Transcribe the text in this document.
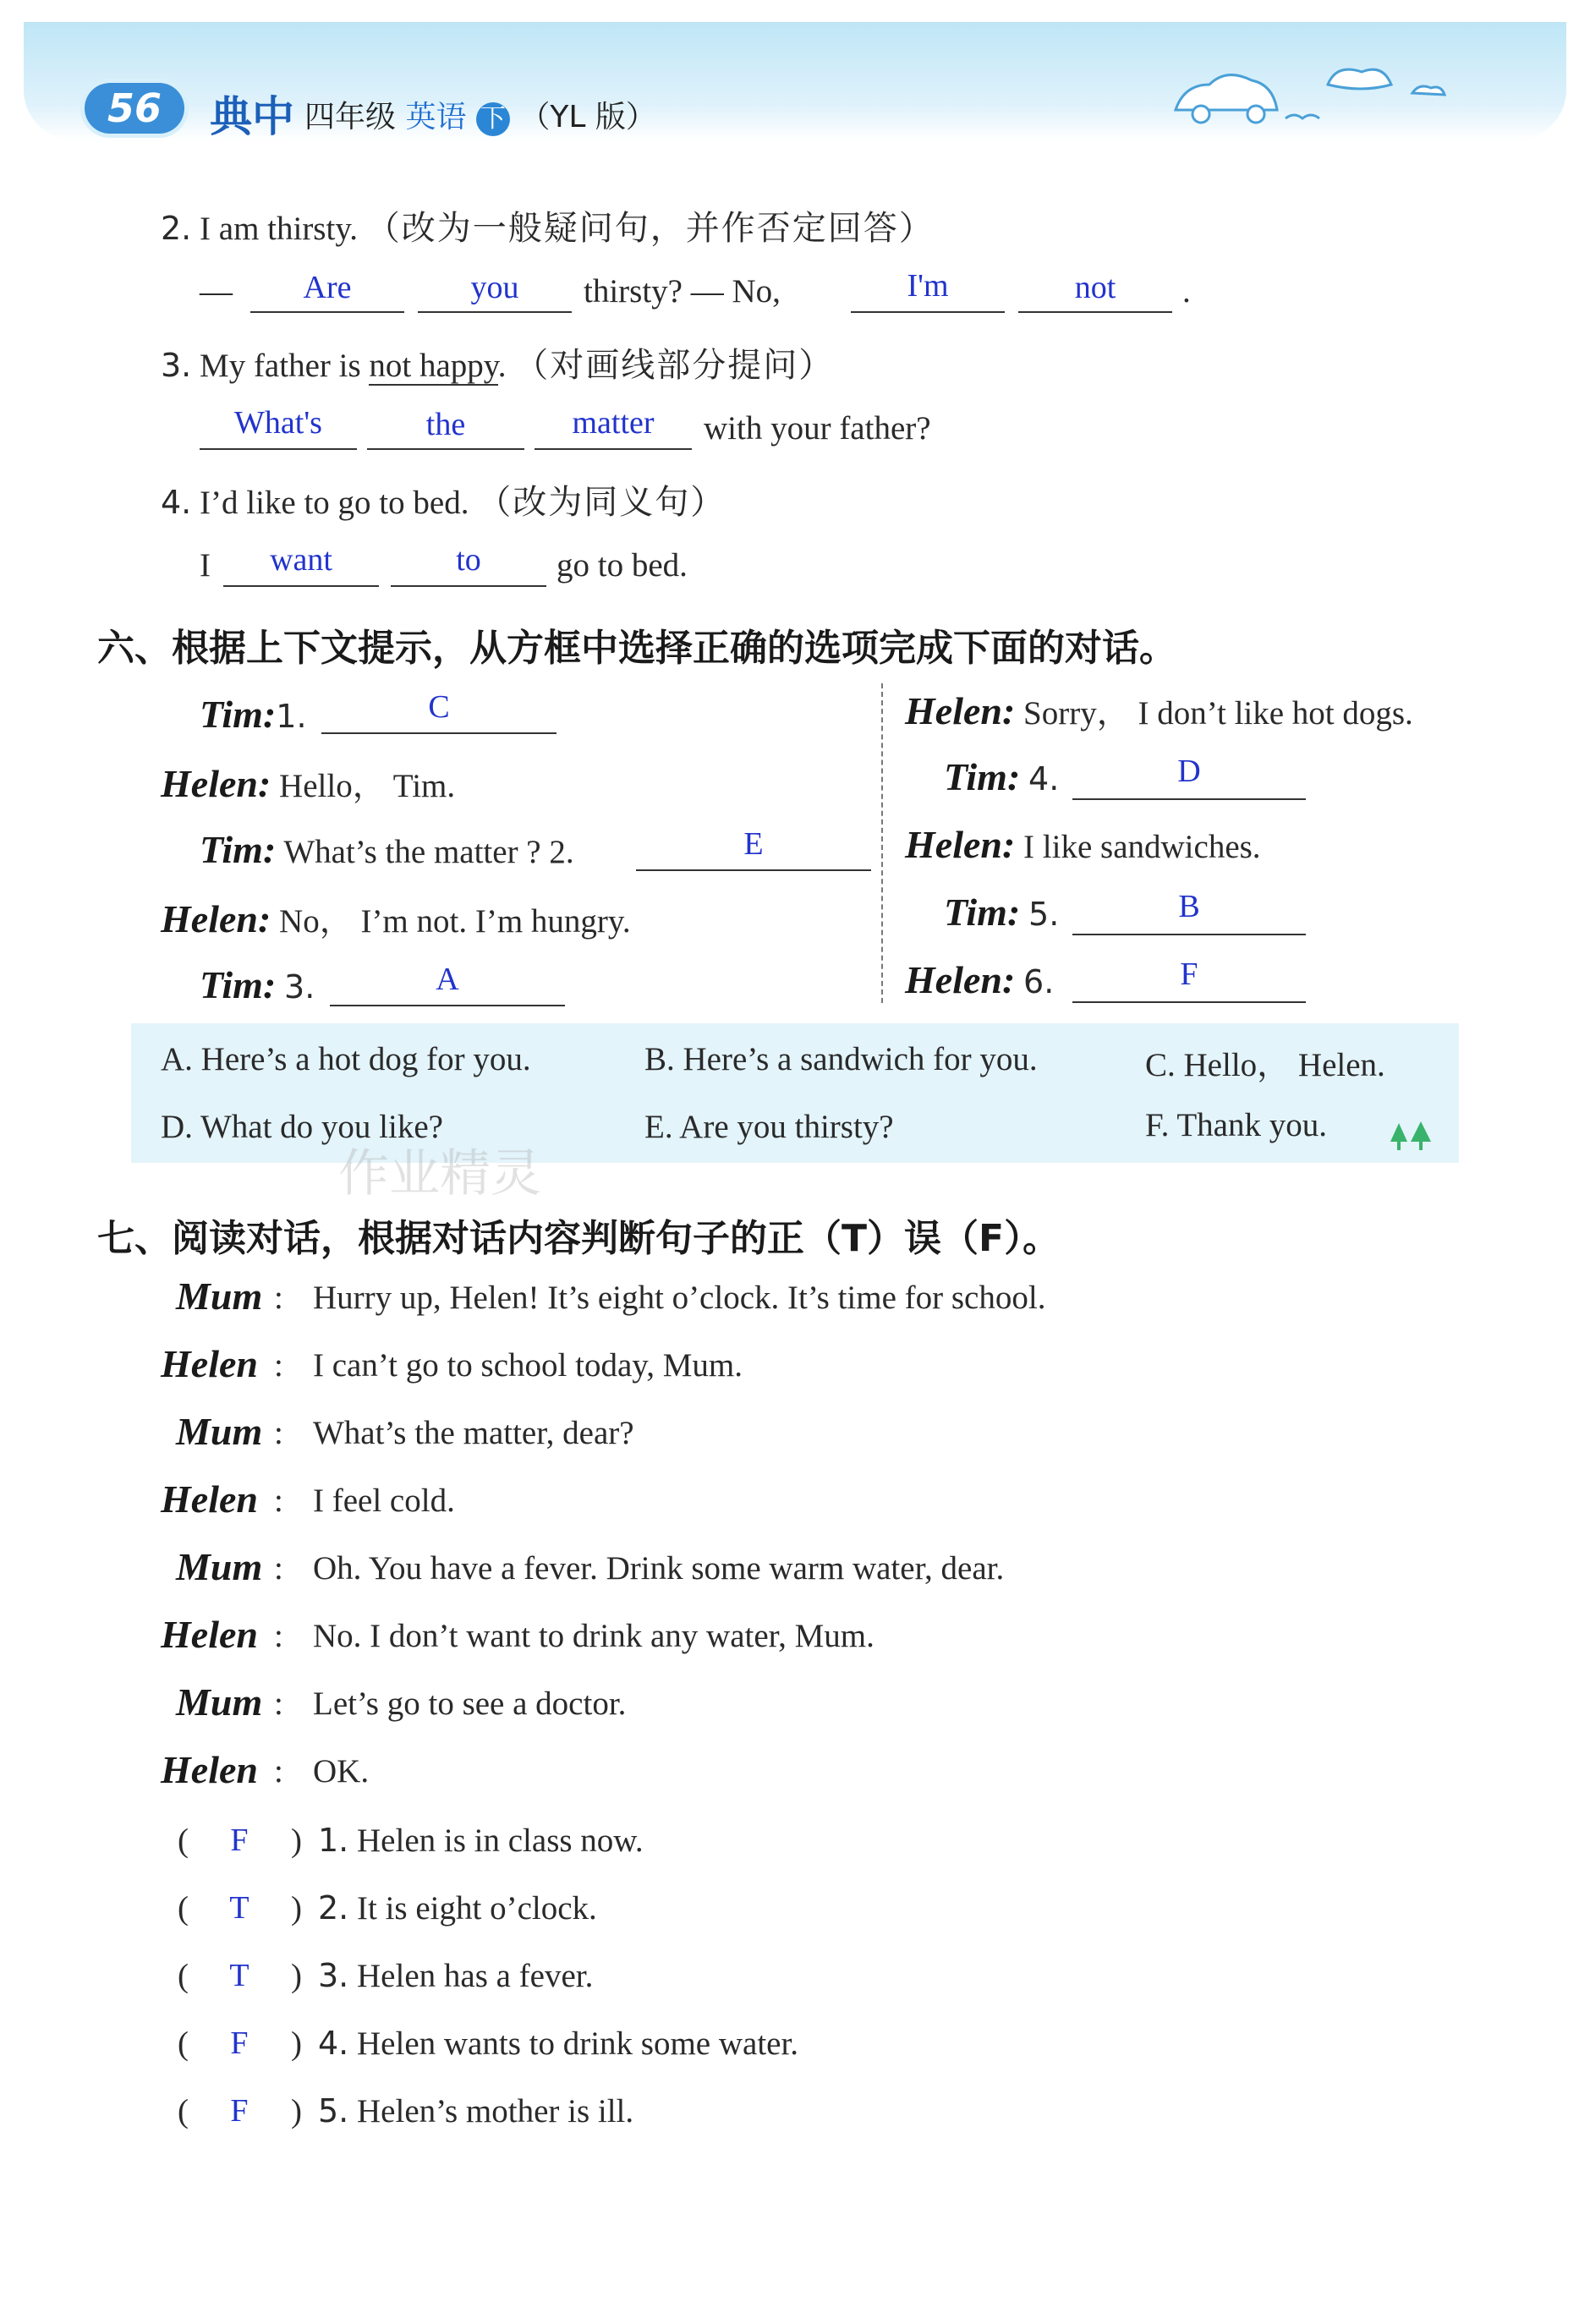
56	典中 四年级 英语 下 （YL 版）
2. I am thirsty. （改为一般疑问句，并作否定回答）
—	Are	you	thirsty? — No,	I'm	not	.
3. My father is not happy. （对画线部分提问）
What's	the	matter	with your father?
4. I’d like to go to bed. （改为同义句）
I	want	to	go to bed.
六、根据上下文提示，从方框中选择正确的选项完成下面的对话。
Tim:1.	C
Helen: Hello， Tim.
Tim: What’s the matter ? 2.	E
Helen: No， I’m not. I’m hungry.
Tim: 3.	A
Helen: Sorry， I don’t like hot dogs.
Tim: 4.	D
Helen: I like sandwiches.
Tim: 5.	B
Helen: 6.	F
A. Here’s a hot dog for you.	B. Here’s a sandwich for you.	C. Hello， Helen.
D. What do you like?	E. Are you thirsty?	F. Thank you.
作业精灵
七、阅读对话，根据对话内容判断句子的正（T）误（F）。
Mum : Hurry up, Helen! It’s eight o’clock. It’s time for school.
Helen : I can’t go to school today, Mum.
Mum : What’s the matter, dear?
Helen : I feel cold.
Mum : Oh. You have a fever. Drink some warm water, dear.
Helen : No. I don’t want to drink any water, Mum.
Mum : Let’s go to see a doctor.
Helen : OK.
(	F	) 1. Helen is in class now.
(	T	) 2. It is eight o’clock.
(	T	) 3. Helen has a fever.
(	F	) 4. Helen wants to drink some water.
(	F	) 5. Helen’s mother is ill.
